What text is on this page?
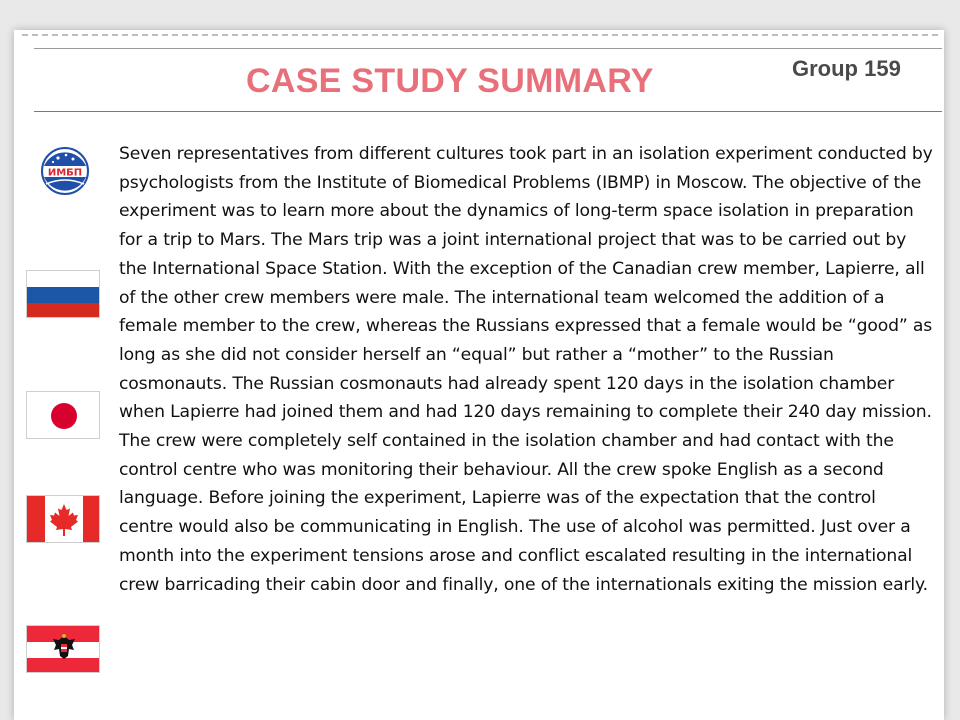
CASE STUDY SUMMARY	Group 159
ИМБП
Seven representatives from different cultures took part in an isolation experiment conducted by psychologists from the Institute of Biomedical Problems (IBMP) in Moscow. The objective of the experiment was to learn more about the dynamics of long-term space isolation in preparation for a trip to Mars. The Mars trip was a joint international project that was to be carried out by the International Space Station. With the exception of the Canadian crew member, Lapierre, all of the other crew members were male. The international team welcomed the addition of a female member to the crew, whereas the Russians expressed that a female would be “good” as long as she did not consider herself an “equal” but rather a “mother” to the Russian cosmonauts. The Russian cosmonauts had already spent 120 days in the isolation chamber when Lapierre had joined them and had 120 days remaining to complete their 240 day mission. The crew were completely self contained in the isolation chamber and had contact with the control centre who was monitoring their behaviour. All the crew spoke English as a second language. Before joining the experiment, Lapierre was of the expectation that the control centre would also be communicating in English. The use of alcohol was permitted. Just over a month into the experiment tensions arose and conflict escalated resulting in the international crew barricading their cabin door and finally, one of the internationals exiting the mission early.
